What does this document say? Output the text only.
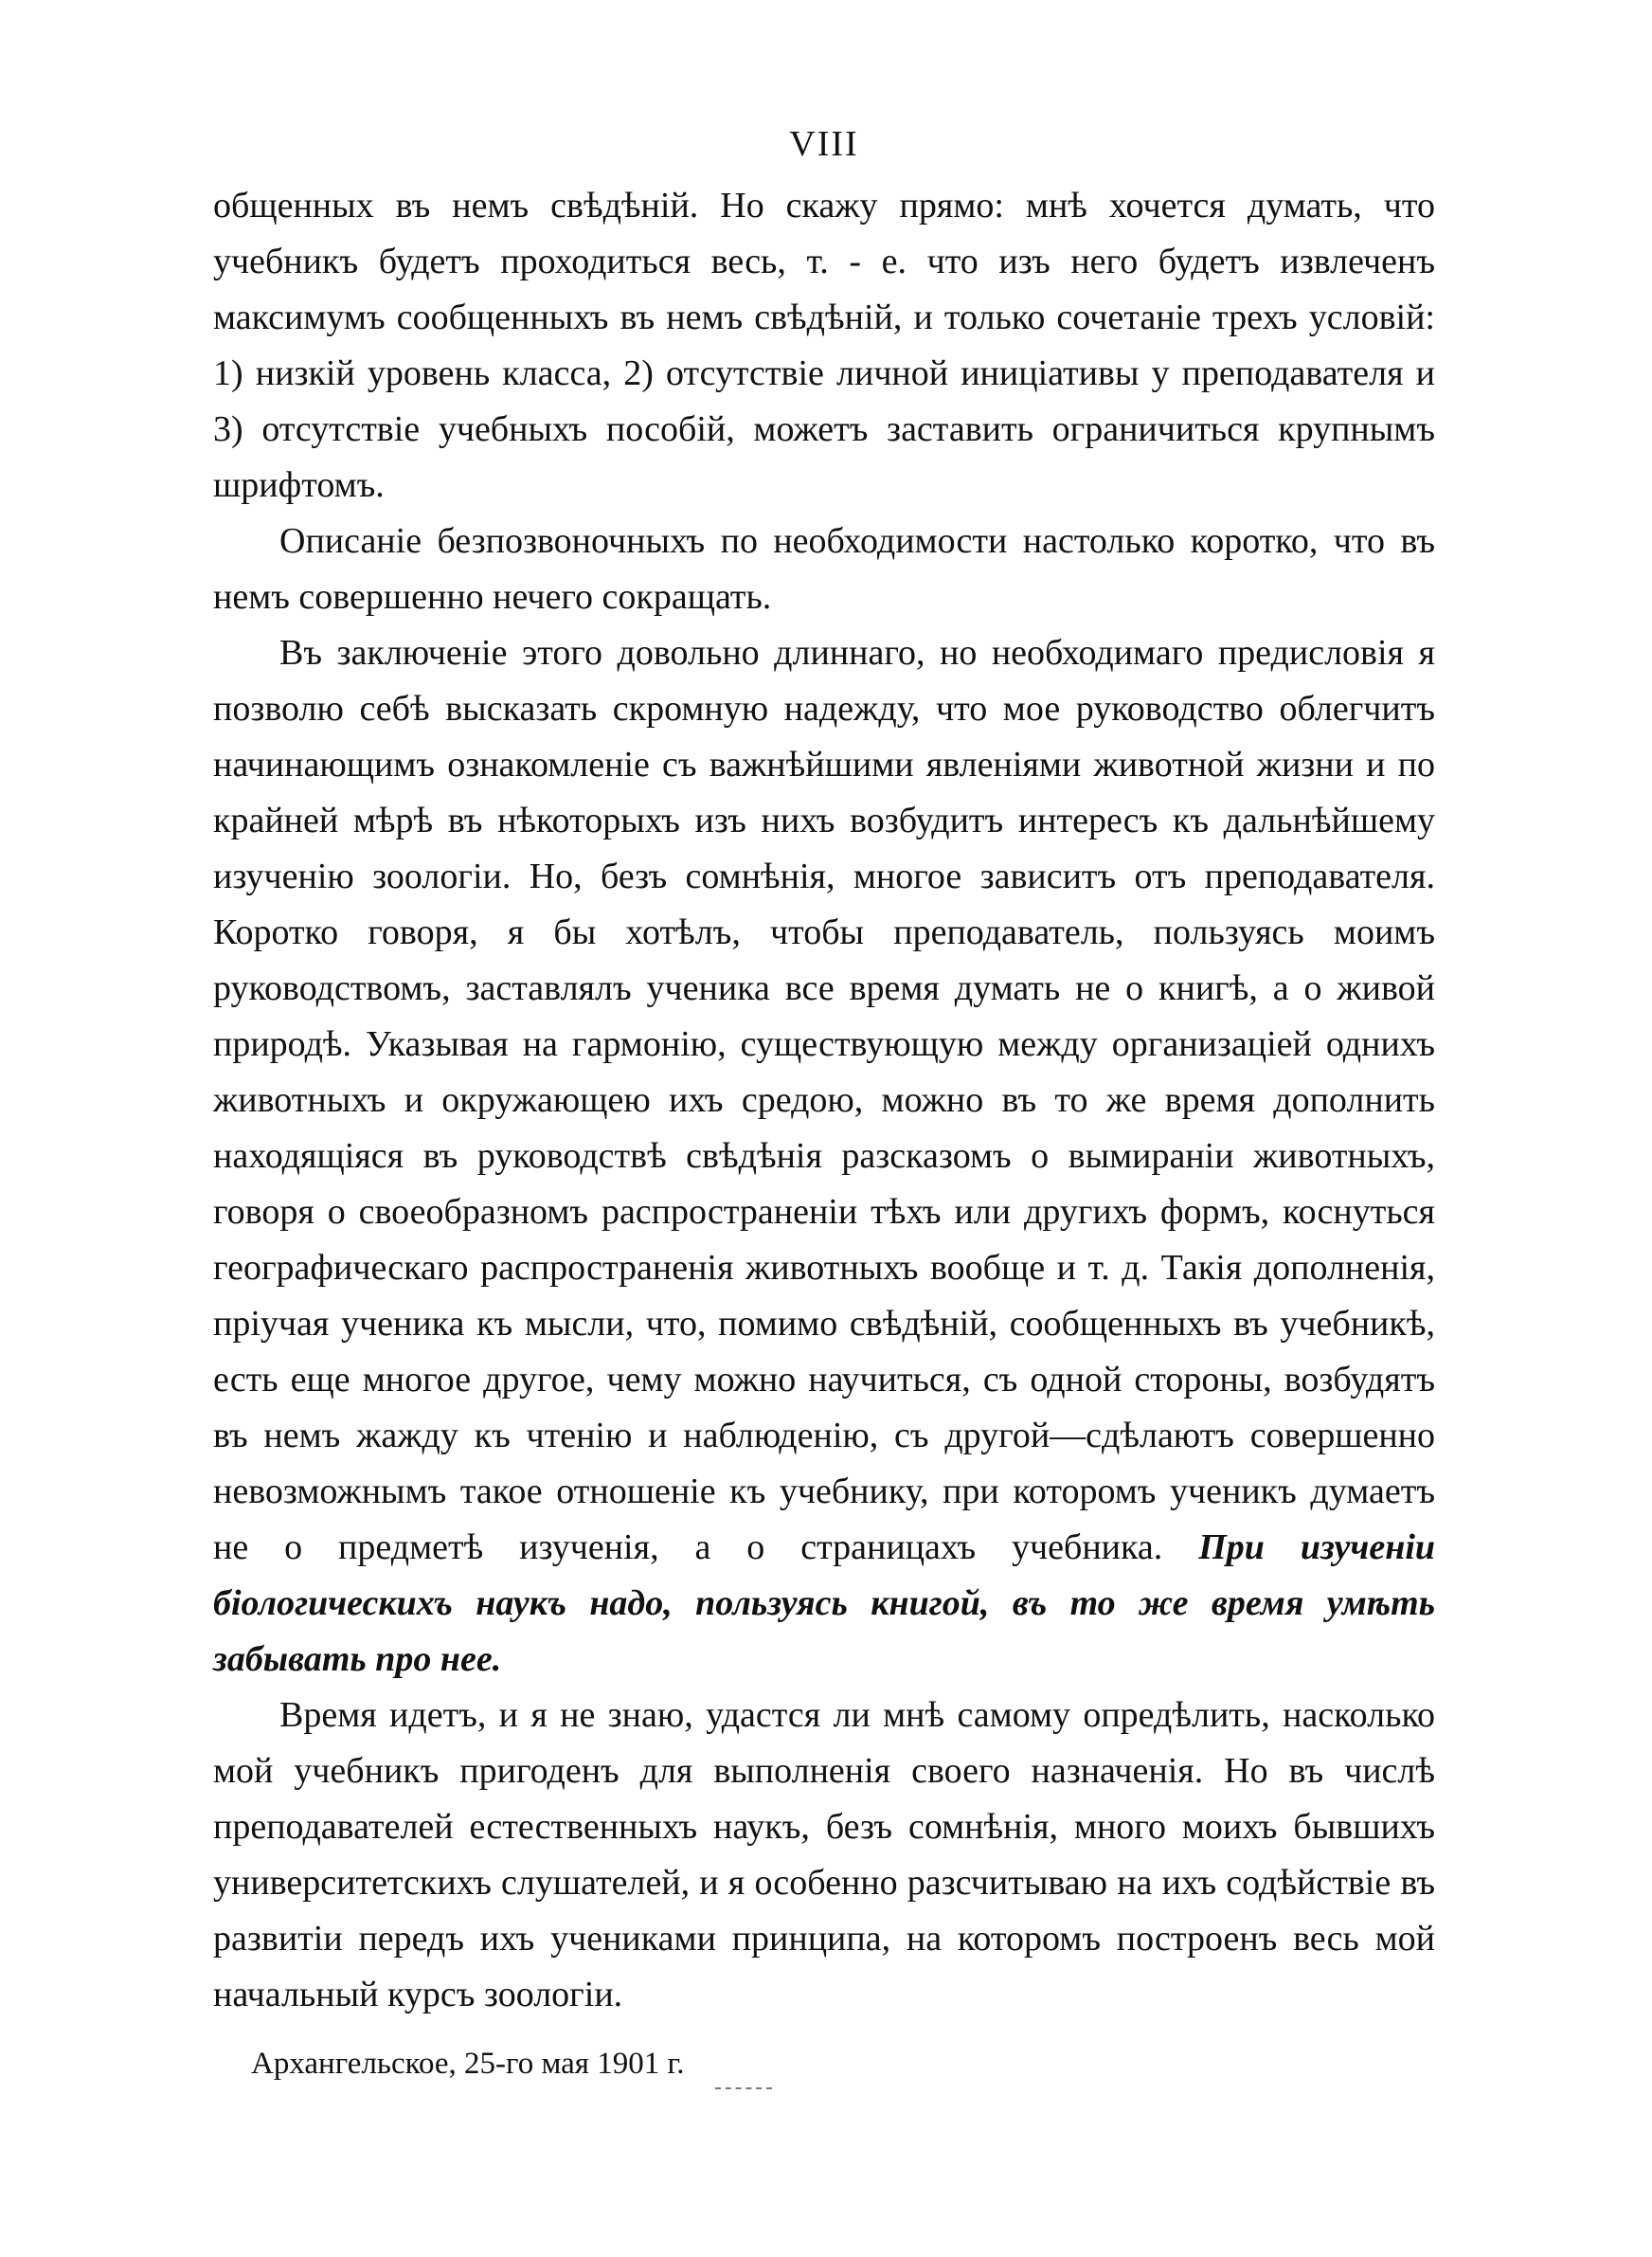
VIII

общенных въ немъ свѣдѣній. Но скажу прямо: мнѣ хочется думать, что учебникъ будетъ проходиться весь, т. - е. что изъ него будетъ извлеченъ максимумъ сообщенныхъ въ немъ свѣдѣній, и только сочетаніе трехъ условій: 1) низкій уровень класса, 2) отсутствіе личной иниціативы у преподавателя и 3) отсутствіе учебныхъ пособій, можетъ заставить ограничиться крупнымъ шрифтомъ.

Описаніе безпозвоночныхъ по необходимости настолько коротко, что въ немъ совершенно нечего сокращать.

Въ заключеніе этого довольно длиннаго, но необходимаго предисловія я позволю себѣ высказать скромную надежду, что мое руководство облегчитъ начинающимъ ознакомленіе съ важнѣйшими явленіями животной жизни и по крайней мѣрѣ въ нѣкоторыхъ изъ нихъ возбудитъ интересъ къ дальнѣйшему изученію зоологіи. Но, безъ сомнѣнія, многое зависитъ отъ преподавателя. Коротко говоря, я бы хотѣлъ, чтобы преподаватель, пользуясь моимъ руководствомъ, заставлялъ ученика все время думать не о книгѣ, а о живой природѣ. Указывая на гармонію, существующую между организаціей однихъ животныхъ и окружающею ихъ средою, можно въ то же время дополнить находящіяся въ руководствѣ свѣдѣнія разсказомъ о вымираніи животныхъ, говоря о своеобразномъ распространеніи тѣхъ или другихъ формъ, коснуться географическаго распространенія животныхъ вообще и т. д. Такія дополненія, пріучая ученика къ мысли, что, помимо свѣдѣній, сообщенныхъ въ учебникѣ, есть еще многое другое, чему можно научиться, съ одной стороны, возбудятъ въ немъ жажду къ чтенію и наблюденію, съ другой—сдѣлаютъ совершенно невозможнымъ такое отношеніе къ учебнику, при которомъ ученикъ думаетъ не о предметѣ изученія, а о страницахъ учебника. При изученіи біологическихъ наукъ надо, пользуясь книгой, въ то же время умѣть забывать про нее.

Время идетъ, и я не знаю, удастся ли мнѣ самому опредѣлить, насколько мой учебникъ пригоденъ для выполненія своего назначенія. Но въ числѣ преподавателей естественныхъ наукъ, безъ сомнѣнія, много моихъ бывшихъ университетскихъ слушателей, и я особенно разсчитываю на ихъ содѣйствіе въ развитіи передъ ихъ учениками принципа, на которомъ построенъ весь мой начальный курсъ зоологіи.

Архангельское, 25-го мая 1901 г.
